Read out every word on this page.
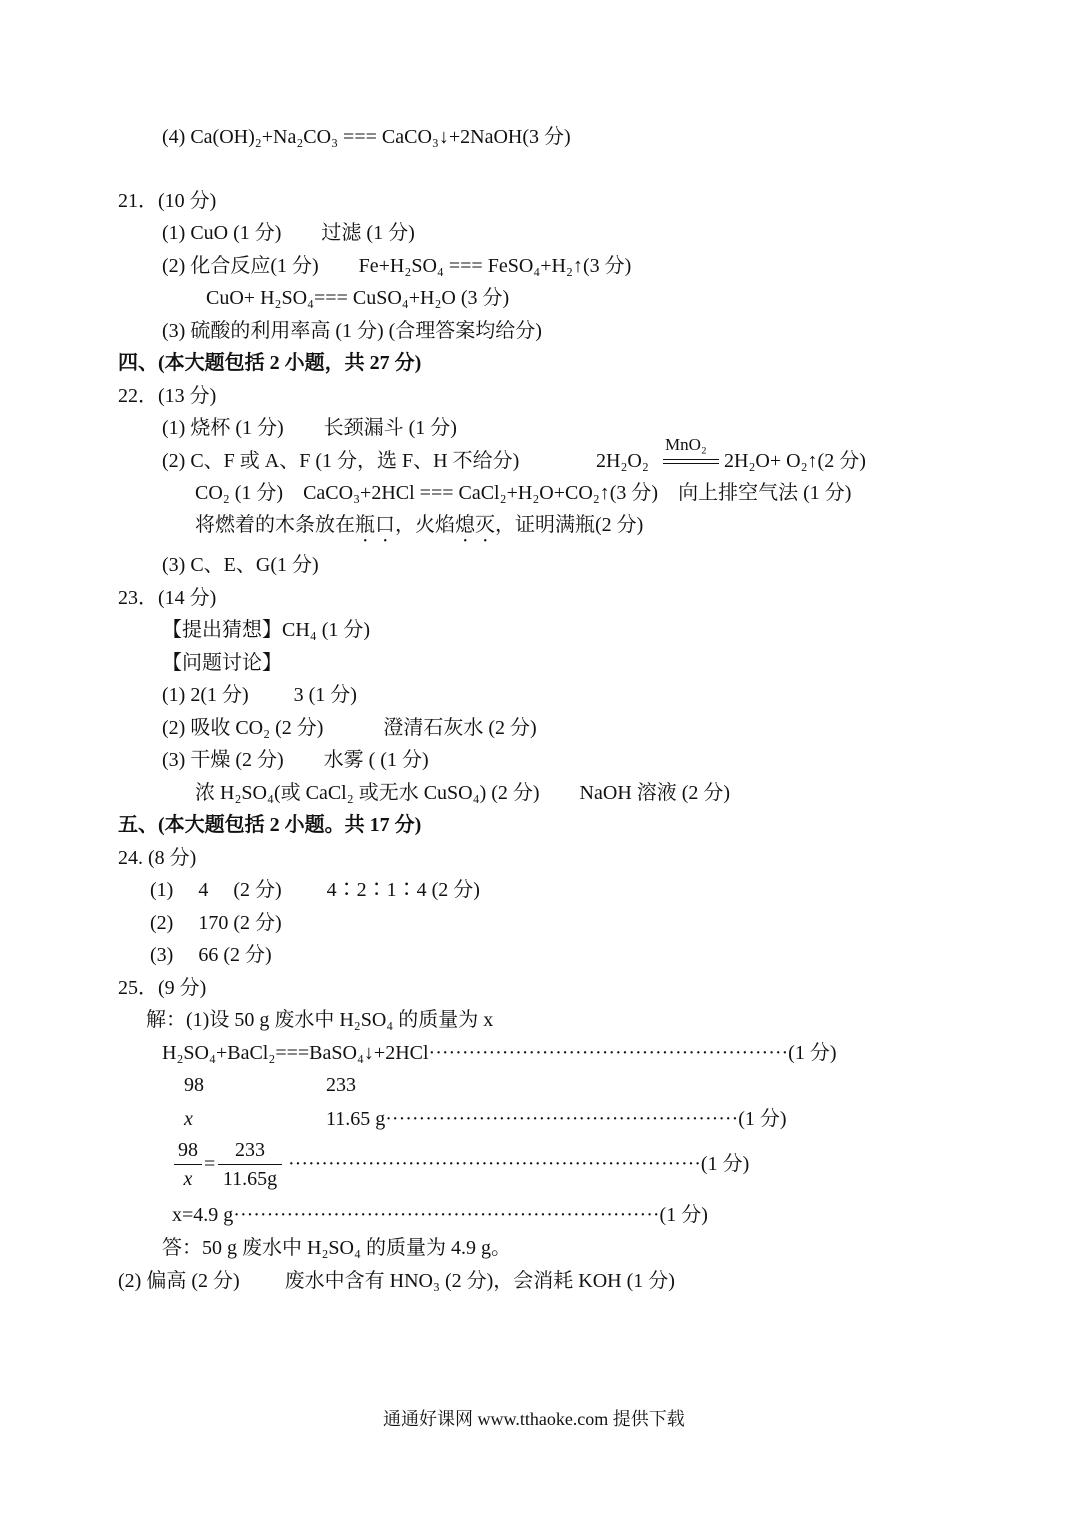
(4) Ca(OH)₂+Na₂CO₃ === CaCO₃↓+2NaOH(3 分)
21．(10 分)
(1) CuO (1 分)　　过滤 (1 分)
(2) 化合反应(1 分)　　Fe+H₂SO₄ === FeSO₄+H₂↑(3 分)
CuO+ H₂SO₄=== CuSO₄+H₂O (3 分)
(3) 硫酸的利用率高 (1 分) (合理答案均给分)
四、(本大题包括 2 小题，共 27 分)
22．(13 分)
(1) 烧杯 (1 分)　　长颈漏斗 (1 分)
(2) C、F 或 A、F (1 分，选 F、H 不给分)	2H₂O₂
MnO₂
2H₂O+ O₂↑(2 分)
CO₂ (1 分)　CaCO₃+2HCl === CaCl₂+H₂O+CO₂↑(3 分)　向上排空气法 (1 分)
将燃着的木条放在瓶口，火焰熄灭，证明满瓶(2 分)
(3) C、E、G(1 分)
23．(14 分)
【提出猜想】CH₄ (1 分)
【问题讨论】
(1) 2(1 分)　　 3 (1 分)
(2) 吸收 CO₂ (2 分)　　　澄清石灰水 (2 分)
(3) 干燥 (2 分)　　水雾 ( (1 分)
浓 H₂SO₄(或 CaCl₂ 或无水 CuSO₄) (2 分)　　NaOH 溶液 (2 分)
五、(本大题包括 2 小题。共 17 分)
24. (8 分)
(1)　 4 　(2 分)　　 4∶2∶1∶4 (2 分)
(2)　 170 (2 分)
(3)　 66 (2 分)
25．(9 分)
解：(1)设 50 g 废水中 H₂SO₄ 的质量为 x
H₂SO₄+BaCl₂===BaSO₄↓+2HCl······················································(1 分)
98	233
x	11.65 g·····················································(1 分)
98
x
=
233
11.65g
······························································(1 分)
x=4.9 g································································(1 分)
答：50 g 废水中 H₂SO₄ 的质量为 4.9 g。
(2) 偏高 (2 分)　　 废水中含有 HNO₃ (2 分)，会消耗 KOH (1 分)
通通好课网 www.tthaoke.com 提供下载
